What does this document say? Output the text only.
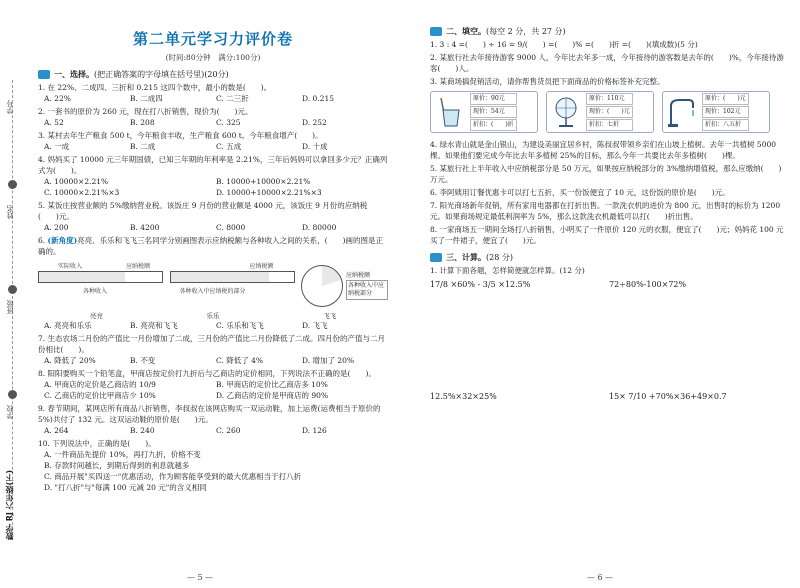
学号
姓名
班级
学校
数学 RJ 六年级(下)
第二单元学习力评价卷
(时间:80分钟　满分:100分)
一、选择。 (把正确答案的字母填在括号里)(20分)
1. 在 22%、二成四、三折和 0.215 这四个数中，最小的数是(　　)。
A. 22%	B. 二成四	C. 二三折	D. 0.215
2. 一套书的原价为 260 元，现在打八折销售，现价为(　　)元。
A. 52	B. 208	C. 325	D. 252
3. 某村去年生产粮食 500 t，今年粮食丰收，生产粮食 600 t。今年粮食增产(　　)。
A. 一成	B. 二成	C. 五成	D. 十成
4. 妈妈买了 10000 元三年期国债，已知三年期的年利率是 2.21%，三年后妈妈可以拿回多少元？正确列式为(　　)。
A. 10000×2.21%	B. 10000+10000×2.21%
C. 10000×2.21%×3	D. 10000+10000×2.21%×3
5. 某饭庄按营业额的 5%缴纳营业税。该饭庄 9 月份的营业额是 4000 元，该饭庄 9 月份的应纳税(　　)元。
A. 200	B. 4200	C. 8000	D. 80000
6. (新角度)亮亮、乐乐和飞飞三名同学分别画图表示应纳税额与各种收入之间的关系，(　　)画的图是正确的。
实际收入	应纳税额
各种收入
应纳税额
各种收入中应纳税的部分
应纳税额
各种收入中应纳税部分
亮亮	乐乐	飞飞
A. 亮亮和乐乐	B. 亮亮和飞飞	C. 乐乐和飞飞	D. 飞飞
7. 生态农场二月份的产值比一月份增加了二成，三月份的产值比二月份降低了二成。四月份的产值与二月份相比(　　)。
A. 降低了 20%	B. 不变	C. 降低了 4%	D. 增加了 20%
8. 阳阳要购买一个铅笔盒，甲商店按定价打九折后与乙商店的定价相同，下列说法不正确的是(　　)。
A. 甲商店的定价是乙商店的 10/9	B. 甲商店的定价比乙商店多 10%
C. 乙商店的定价比甲商店少 10%	D. 乙商店的定价是甲商店的 90%
9. 春节期间，某网店所有商品八折销售，李叔叔在该网店购买一双运动鞋，加上运费(运费相当于原价的 5%)共付了 132 元。这双运动鞋的原价是(　　)元。
A. 264	B. 240	C. 260	D. 126
10. 下列说法中，正确的是(　　)。
A. 一件商品先提价 10%，再打九折，价格不变
B. 存款时间越长，到期后得到的利息就越多
C. 商品开展"买四送一"优惠活动，作为顾客能享受到的最大优惠相当于打八折
D. "打八折"与"每满 100 元减 20 元"的含义相同
— 5 —
二、填空。 (每空 2 分，共 27 分)
1. 3 : 4 =(　　) ÷ 16 = 9/(　　) =(　　)% =(　　)折 =(　　)(填成数)(5 分)
2. 某旅行社去年接待游客 9000 人，今年比去年多一成，今年接待的游客数是去年的(　　)%，今年接待游客(　　)人。
3. 某商场搞促销活动，请你帮售货员把下面商品的价格标签补充完整。
原价：90元
现价：54元
折扣：(　　)折
原价：110元
现价：(　　)元
折扣：七折
原价：(　　)元
现价：102元
折扣：八五折
4. 绿水青山就是金山银山，为建设美丽宜居乡村，陈叔叔带领乡亲们在山坡上植树。去年一共植树 5000 棵。如果他们要完成今年比去年多植树 25%的目标，那么今年一共要比去年多植树(　　)棵。
5. 某旅行社上半年收入中应纳税部分是 50 万元，如果按应纳税部分的 3%缴纳增值税，那么应缴纳(　　)万元。
6. 李阿姨用订餐优惠卡可以打七五折，买一份饭便宜了 10 元，这份饭的原价是(　　)元。
7. 阳光商场新年促销，所有家用电器都在打折出售。一款洗衣机的进价为 800 元，出售时的标价为 1200 元。如果商场规定最低利润率为 5%，那么这款洗衣机最低可以打(　　)折出售。
8. 一家商场五一期间全场打八折销售，小明买了一件原价 120 元的衣服，便宜了(　　)元；妈妈花 100 元买了一件裙子，便宜了(　　)元。
三、计算。 (28 分)
1. 计算下面各题，怎样简便就怎样算。(12 分)
17/8 ×60% - 3/5 ×12.5%	72÷80%-100×72%
12.5%×32×25%	15× 7/10 +70%×36+49×0.7
— 6 —
